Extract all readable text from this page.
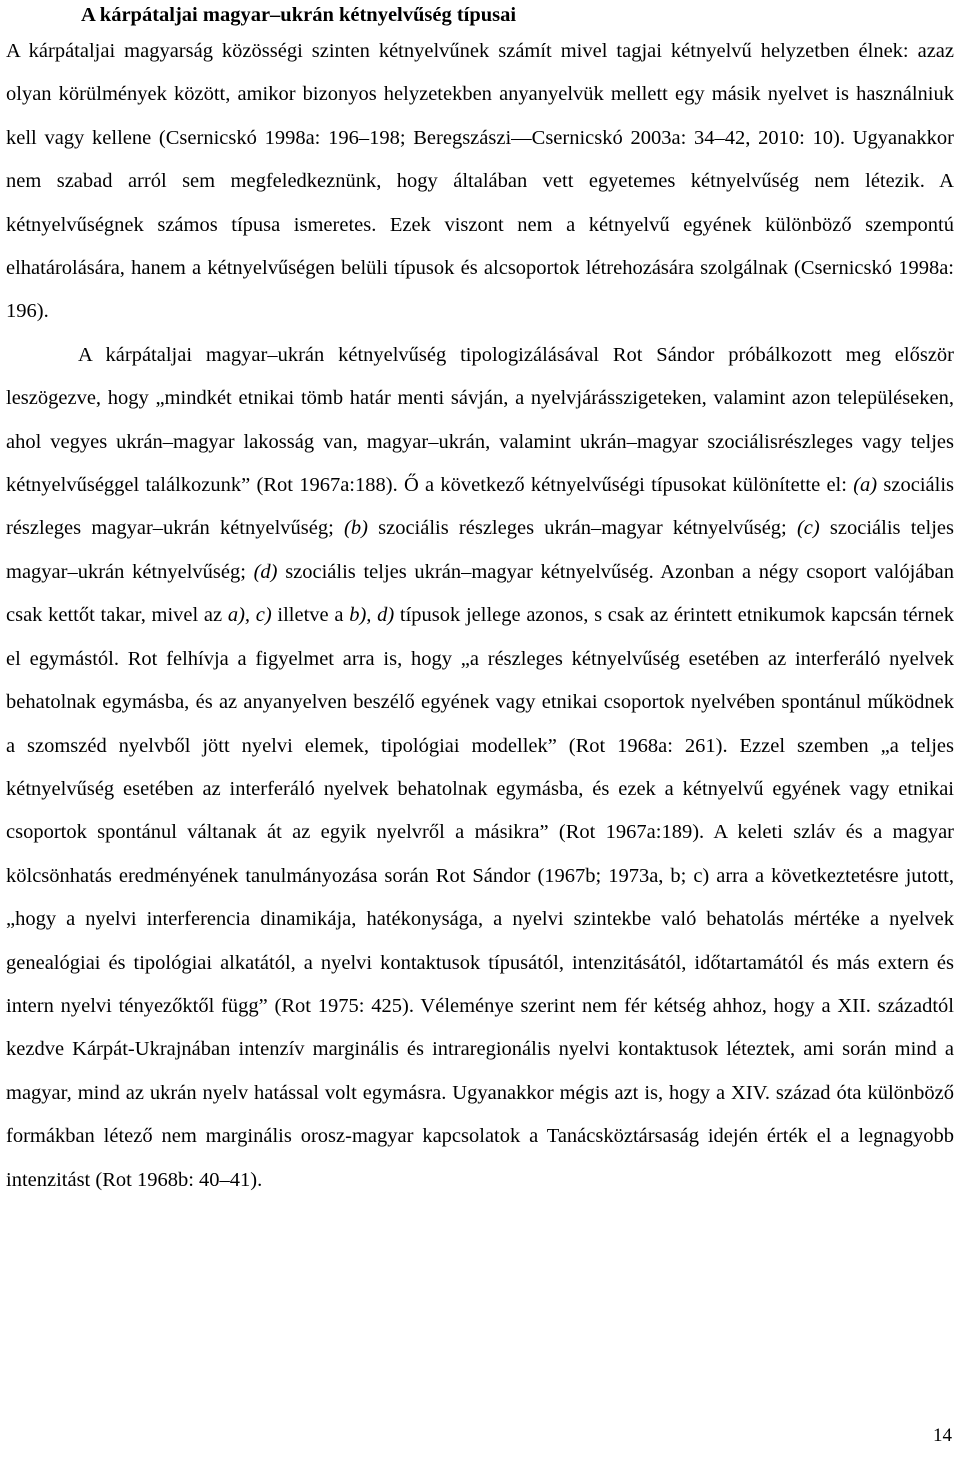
A kárpátaljai magyar–ukrán kétnyelvűség típusai

A kárpátaljai magyarság közösségi szinten kétnyelvűnek számít mivel tagjai kétnyelvű helyzetben élnek: azaz olyan körülmények között, amikor bizonyos helyzetekben anyanyelvük mellett egy másik nyelvet is használniuk kell vagy kellene (Csernicskó 1998a: 196–198; Beregszászi—Csernicskó 2003a: 34–42, 2010: 10). Ugyanakkor nem szabad arról sem megfeledkeznünk, hogy általában vett egyetemes kétnyelvűség nem létezik. A kétnyelvűségnek számos típusa ismeretes. Ezek viszont nem a kétnyelvű egyének különböző szempontú elhatárolására, hanem a kétnyelvűségen belüli típusok és alcsoportok létrehozására szolgálnak (Csernicskó 1998a: 196).

A kárpátaljai magyar–ukrán kétnyelvűség tipologizálásával Rot Sándor próbálkozott meg először leszögezve, hogy „mindkét etnikai tömb határ menti sávján, a nyelvjárásszigeteken, valamint azon településeken, ahol vegyes ukrán–magyar lakosság van, magyar–ukrán, valamint ukrán–magyar szociálisrészleges vagy teljes kétnyelvűséggel találkozunk” (Rot 1967a:188). Ő a következő kétnyelvűségi típusokat különítette el: (a) szociális részleges magyar–ukrán kétnyelvűség; (b) szociális részleges ukrán–magyar kétnyelvűség; (c) szociális teljes magyar–ukrán kétnyelvűség; (d) szociális teljes ukrán–magyar kétnyelvűség. Azonban a négy csoport valójában csak kettőt takar, mivel az a), c) illetve a b), d) típusok jellege azonos, s csak az érintett etnikumok kapcsán térnek el egymástól. Rot felhívja a figyelmet arra is, hogy „a részleges kétnyelvűség esetében az interferáló nyelvek behatolnak egymásba, és az anyanyelven beszélő egyének vagy etnikai csoportok nyelvében spontánul működnek a szomszéd nyelvből jött nyelvi elemek, tipológiai modellek” (Rot 1968a: 261). Ezzel szemben „a teljes kétnyelvűség esetében az interferáló nyelvek behatolnak egymásba, és ezek a kétnyelvű egyének vagy etnikai csoportok spontánul váltanak át az egyik nyelvről a másikra” (Rot 1967a:189). A keleti szláv és a magyar kölcsönhatás eredményének tanulmányozása során Rot Sándor (1967b; 1973a, b; c) arra a következtetésre jutott, „hogy a nyelvi interferencia dinamikája, hatékonysága, a nyelvi szintekbe való behatolás mértéke a nyelvek genealógiai és tipológiai alkatától, a nyelvi kontaktusok típusától, intenzitásától, időtartamától és más extern és intern nyelvi tényezőktől függ” (Rot 1975: 425). Véleménye szerint nem fér kétség ahhoz, hogy a XII. századtól kezdve Kárpát-Ukrajnában intenzív marginális és intraregionális nyelvi kontaktusok léteztek, ami során mind a magyar, mind az ukrán nyelv hatással volt egymásra. Ugyanakkor mégis azt is, hogy a XIV. század óta különböző formákban létező nem marginális orosz-magyar kapcsolatok a Tanácsköztársaság idején érték el a legnagyobb intenzitást (Rot 1968b: 40–41).

14
